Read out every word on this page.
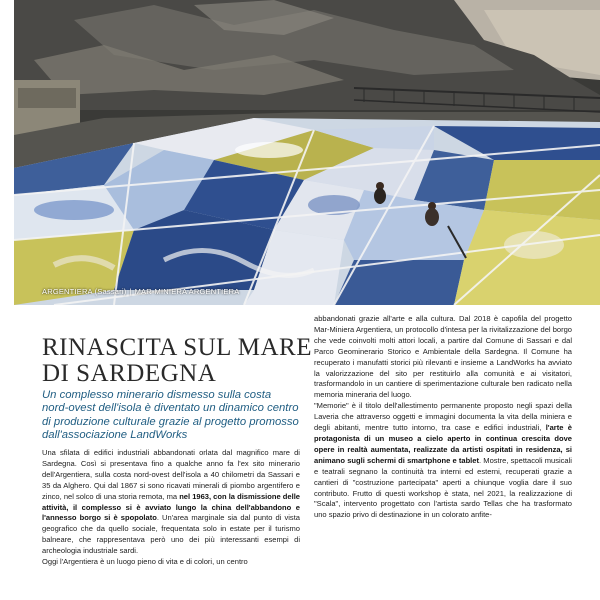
ARGENTIERA (Sassari) | MAR-MINIERA ARGENTIERA
RINASCITA SUL MARE
DI SARDEGNA

Un complesso minerario dismesso sulla costa nord-ovest dell'isola è diventato un dinamico centro di produzione culturale grazie al progetto promosso dall'associazione LandWorks

Una sfilata di edifici industriali abbandonati orlata dal magnifico mare di Sardegna. Così si presentava fino a qualche anno fa l'ex sito minerario dell'Argentiera, sulla costa nord-ovest dell'isola a 40 chilometri da Sassari e 35 da Alghero. Qui dal 1867 si sono ricavati minerali di piombo argentifero e zinco, nel solco di una storia remota, ma nel 1963, con la dismissione delle attività, il complesso si è avviato lungo la china dell'abbandono e l'annesso borgo si è spopolato. Un'area marginale sia dal punto di vista geografico che da quello sociale, frequentata solo in estate per il turismo balneare, che rappresentava però uno dei più interessanti esempi di archeologia industriale sardi.

Oggi l'Argentiera è un luogo pieno di vita e di colori, un centro

abbandonati grazie all'arte e alla cultura. Dal 2018 è capofila del progetto Mar-Miniera Argentiera, un protocollo d'intesa per la rivitalizzazione del borgo che vede coinvolti molti attori locali, a partire dal Comune di Sassari e dal Parco Geominerario Storico e Ambientale della Sardegna. Il Comune ha recuperato i manufatti storici più rilevanti e insieme a LandWorks ha avviato la valorizzazione del sito per restituirlo alla comunità e ai visitatori, trasformandolo in un cantiere di sperimentazione culturale ben radicato nella memoria mineraria del luogo.

"Memorie" è il titolo dell'allestimento permanente proposto negli spazi della Laveria che attraverso oggetti e immagini documenta la vita della miniera e degli abitanti, mentre tutto intorno, tra case e edifici industriali, l'arte è protagonista di un museo a cielo aperto in continua crescita dove opere in realtà aumentata, realizzate da artisti ospitati in residenza, si animano sugli schermi di smartphone e tablet. Mostre, spettacoli musicali e teatrali segnano la continuità tra interni ed esterni, recuperati grazie a cantieri di "costruzione partecipata" aperti a chiunque voglia dare il suo contributo. Frutto di questi workshop è stata, nel 2021, la realizzazione di "Scala", intervento progettato con l'artista sardo Tellas che ha trasformato uno spazio privo di destinazione in un colorato anfite-
